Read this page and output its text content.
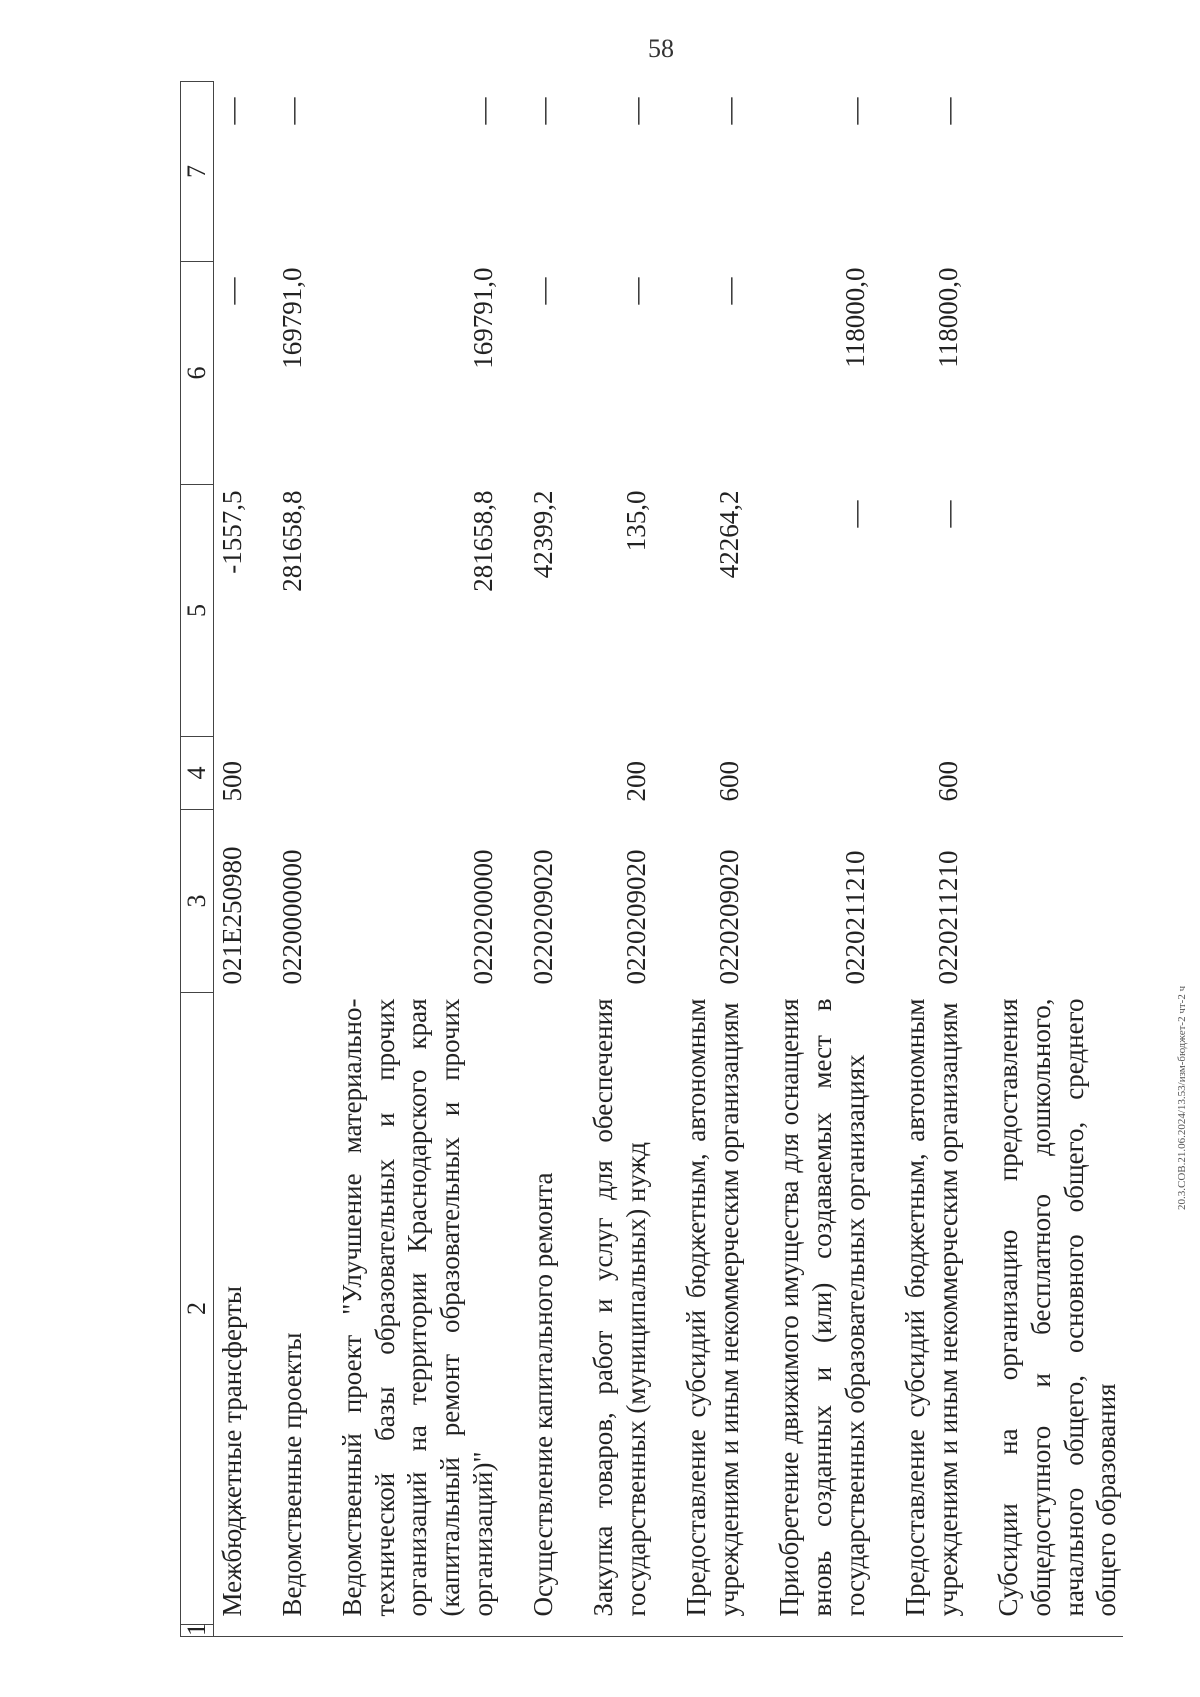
58
1	2	3	4	5	6	7
	Межбюджетные трансферты	021E250980	500	-1557,5	—	—
	Ведомственные проекты	0220000000		281658,8	169791,0	—
	Ведомственный проект "Улучшение материально-технической базы образовательных и прочих организаций на территории Краснодарского края (капитальный ремонт образовательных и прочих организаций)"	0220200000		281658,8	169791,0	—
	Осуществление капитального ремонта	0220209020		42399,2	—	—
	Закупка товаров, работ и услуг для обеспечения государственных (муниципальных) нужд	0220209020	200	135,0	—	—
	Предоставление субсидий бюджетным, автономным учреждениям и иным некоммерческим организациям	0220209020	600	42264,2	—	—
	Приобретение движимого имущества для оснащения вновь созданных и (или) создаваемых мест в государственных образовательных организациях	0220211210		—	118000,0	—
	Предоставление субсидий бюджетным, автономным учреждениям и иным некоммерческим организациям	0220211210	600	—	118000,0	—
	Субсидии на организацию предоставления общедоступного и бесплатного дошкольного, начального общего, основного общего, среднего общего образования					
20.3.СОВ.21.06.2024/13.53/изм-бюджет-2 чт-2 ч
